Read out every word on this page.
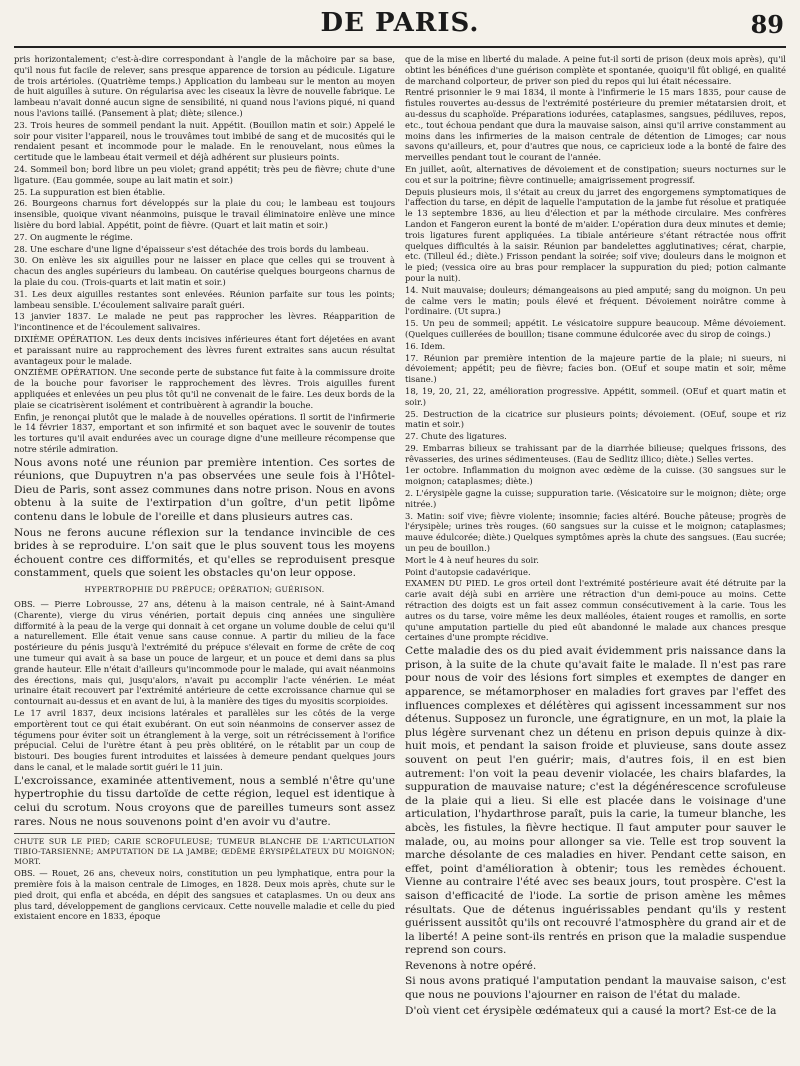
DE PARIS.	89

pris horizontalement; c'est-à-dire correspondant à l'angle de la mâchoire par sa base, qu'il nous fut facile de relever, sans presque apparence de torsion au pédicule. Ligature de trois artérioles. (Quatrième temps.) Application du lambeau sur le menton au moyen de huit aiguilles à suture. On régularisa avec les ciseaux la lèvre de nouvelle fabrique. Le lambeau n'avait donné aucun signe de sensibilité, ni quand nous l'avions piqué, ni quand nous l'avions taillé. (Pansement à plat; diète; silence.)

23. Trois heures de sommeil pendant la nuit. Appétit. (Bouillon matin et soir.) Appelé le soir pour visiter l'appareil, nous le trouvâmes tout imbibé de sang et de mucosités qui le rendaient pesant et incommode pour le malade. En le renouvelant, nous eûmes la certitude que le lambeau était vermeil et déjà adhérent sur plusieurs points.

24. Sommeil bon; bord libre un peu violet; grand appétit; très peu de fièvre; chute d'une ligature. (Eau gommée, soupe au lait matin et soir.)

25. La suppuration est bien établie.

26. Bourgeons charnus fort développés sur la plaie du cou; le lambeau est toujours insensible, quoique vivant néanmoins, puisque le travail éliminatoire enlève une mince lisière du bord labial. Appétit, point de fièvre. (Quart et lait matin et soir.)

27. On augmente le régime.

28. Une eschare d'une ligne d'épaisseur s'est détachée des trois bords du lambeau.

30. On enlève les six aiguilles pour ne laisser en place que celles qui se trouvent à chacun des angles supérieurs du lambeau. On cautérise quelques bourgeons charnus de la plaie du cou. (Trois-quarts et lait matin et soir.)

31. Les deux aiguilles restantes sont enlevées. Réunion parfaite sur tous les points; lambeau sensible. L'écoulement salivaire paraît guéri.

13 janvier 1837. Le malade ne peut pas rapprocher les lèvres. Réapparition de l'incontinence et de l'écoulement salivaires.

DIXIÈME OPÉRATION. Les deux dents incisives inférieures étant fort déjetées en avant et paraissant nuire au rapprochement des lèvres furent extraites sans aucun résultat avantageux pour le malade.

ONZIÈME OPÉRATION. Une seconde perte de substance fut faite à la commissure droite de la bouche pour favoriser le rapprochement des lèvres. Trois aiguilles furent appliquées et enlevées un peu plus tôt qu'il ne convenait de le faire. Les deux bords de la plaie se cicatrisèrent isolément et contribuèrent à agrandir la bouche.

Enfin, je renonçai plutôt que le malade à de nouvelles opérations. Il sortit de l'infirmerie le 14 février 1837, emportant et son infirmité et son baquet avec le souvenir de toutes les tortures qu'il avait endurées avec un courage digne d'une meilleure récompense que notre stérile admiration.

Nous avons noté une réunion par première intention. Ces sortes de réunions, que Dupuytren n'a pas observées une seule fois à l'Hôtel-Dieu de Paris, sont assez communes dans notre prison. Nous en avons obtenu à la suite de l'extirpation d'un goître, d'un petit lipôme contenu dans le lobule de l'oreille et dans plusieurs autres cas.

Nous ne ferons aucune réflexion sur la tendance invincible de ces brides à se reproduire. L'on sait que le plus souvent tous les moyens échouent contre ces difformités, et qu'elles se reproduisent presque constamment, quels que soient les obstacles qu'on leur oppose.

HYPERTROPHIE DU PRÉPUCE; OPÉRATION; GUÉRISON.

OBS. — Pierre Lobrousse, 27 ans, détenu à la maison centrale, né à Saint-Amand (Charente), vierge du virus vénérien, portait depuis cinq années une singulière difformité à la peau de la verge qui donnait à cet organe un volume double de celui qu'il a naturellement. Elle était venue sans cause connue. A partir du milieu de la face postérieure du pénis jusqu'à l'extrémité du prépuce s'élevait en forme de crête de coq une tumeur qui avait à sa base un pouce de largeur, et un pouce et demi dans sa plus grande hauteur. Elle n'était d'ailleurs qu'incommode pour le malade, qui avait néanmoins des érections, mais qui, jusqu'alors, n'avait pu accomplir l'acte vénérien. Le méat urinaire était recouvert par l'extrémité antérieure de cette excroissance charnue qui se contournait au-dessus et en avant de lui, à la manière des tiges du myositis scorpioides.

Le 17 avril 1837, deux incisions latérales et parallèles sur les côtés de la verge emportèrent tout ce qui était exubérant. On eut soin néanmoins de conserver assez de tégumens pour éviter soit un étranglement à la verge, soit un rétrécissement à l'orifice prépucial. Celui de l'urètre étant à peu près oblitéré, on le rétablit par un coup de bistouri. Des bougies furent introduites et laissées à demeure pendant quelques jours dans le canal, et le malade sortit guéri le 11 juin.

L'excroissance, examinée attentivement, nous a semblé n'être qu'une hypertrophie du tissu dartoïde de cette région, lequel est identique à celui du scrotum. Nous croyons que de pareilles tumeurs sont assez rares. Nous ne nous souvenons point d'en avoir vu d'autre.

CHUTE SUR LE PIED; CARIE SCROFULEUSE; TUMEUR BLANCHE DE L'ARTICULATION TIBIO-TARSIENNE; AMPUTATION DE LA JAMBE; ŒDÈME ÉRYSIPÉLATEUX DU MOIGNON; MORT.

OBS. — Rouet, 26 ans, cheveux noirs, constitution un peu lymphatique, entra pour la première fois à la maison centrale de Limoges, en 1828. Deux mois après, chute sur le pied droit, qui enfla et abcéda, en dépit des sangsues et cataplasmes. Un ou deux ans plus tard, développement de ganglions cervicaux. Cette nouvelle maladie et celle du pied existaient encore en 1833, époque

que de la mise en liberté du malade. A peine fut-il sorti de prison (deux mois après), qu'il obtint les bénéfices d'une guérison complète et spontanée, quoiqu'il fût obligé, en qualité de marchand colporteur, de priver son pied du repos qui lui était nécessaire.

Rentré prisonnier le 9 mai 1834, il monte à l'infirmerie le 15 mars 1835, pour cause de fistules rouvertes au-dessus de l'extrémité postérieure du premier métatarsien droit, et au-dessus du scaphoïde. Préparations iodurées, cataplasmes, sangsues, pédiluves, repos, etc., tout échoua pendant que dura la mauvaise saison, ainsi qu'il arrive constamment au moins dans les infirmeries de la maison centrale de détention de Limoges; car nous savons qu'ailleurs, et, pour d'autres que nous, ce capricieux iode a la bonté de faire des merveilles pendant tout le courant de l'année.

En juillet, août, alternatives de dévoiement et de constipation; sueurs nocturnes sur le cou et sur la poitrine; fièvre continuelle; amaigrissement progressif.

Depuis plusieurs mois, il s'était au creux du jarret des engorgemens symptomatiques de l'affection du tarse, en dépit de laquelle l'amputation de la jambe fut résolue et pratiquée le 13 septembre 1836, au lieu d'élection et par la méthode circulaire. Mes confrères Landon et Fangeron eurent la bonté de m'aider. L'opération dura deux minutes et demie; trois ligatures furent appliquées. La tibiale antérieure s'étant rétractée nous offrit quelques difficultés à la saisir. Réunion par bandelettes agglutinatives; cérat, charpie, etc. (Tilleul éd.; diète.) Frisson pendant la soirée; soif vive; douleurs dans le moignon et le pied; (vessica oire au bras pour remplacer la suppuration du pied; potion calmante pour la nuit).

14. Nuit mauvaise; douleurs; démangeaisons au pied amputé; sang du moignon. Un peu de calme vers le matin; pouls élevé et fréquent. Dévoiement noirâtre comme à l'ordinaire. (Ut supra.)

15. Un peu de sommeil; appétit. Le vésicatoire suppure beaucoup. Même dévoiement. (Quelques cuillerées de bouillon; tisane commune édulcorée avec du sirop de coings.)

16. Idem.

17. Réunion par première intention de la majeure partie de la plaie; ni sueurs, ni dévoiement; appétit; peu de fièvre; facies bon. (OEuf et soupe matin et soir, même tisane.)

18, 19, 20, 21, 22, amélioration progressive. Appétit, sommeil. (OEuf et quart matin et soir.)

25. Destruction de la cicatrice sur plusieurs points; dévoiement. (OEuf, soupe et riz matin et soir.)

27. Chute des ligatures.

29. Embarras bilieux se trahissant par de la diarrhée bilieuse; quelques frissons, des rêvasseries, des urines sédimenteuses. (Eau de Sedlitz illico; diète.) Selles vertes.

1er octobre. Inflammation du moignon avec œdème de la cuisse. (30 sangsues sur le moignon; cataplasmes; diète.)

2. L'érysipèle gagne la cuisse; suppuration tarie. (Vésicatoire sur le moignon; diète; orge nitrée.)

3. Matin: soif vive; fièvre violente; insomnie; facies altéré. Bouche pâteuse; progrès de l'érysipèle; urines très rouges. (60 sangsues sur la cuisse et le moignon; cataplasmes; mauve édulcorée; diète.) Quelques symptômes après la chute des sangsues. (Eau sucrée; un peu de bouillon.)

Mort le 4 à neuf heures du soir.

Point d'autopsie cadavérique.

EXAMEN DU PIED. Le gros orteil dont l'extrémité postérieure avait été détruite par la carie avait déjà subi en arrière une rétraction d'un demi-pouce au moins. Cette rétraction des doigts est un fait assez commun consécutivement à la carie. Tous les autres os du tarse, voire même les deux malléoles, étaient rouges et ramollis, en sorte qu'une amputation partielle du pied eût abandonné le malade aux chances presque certaines d'une prompte récidive.

Cette maladie des os du pied avait évidemment pris naissance dans la prison, à la suite de la chute qu'avait faite le malade. Il n'est pas rare pour nous de voir des lésions fort simples et exemptes de danger en apparence, se métamorphoser en maladies fort graves par l'effet des influences complexes et délétères qui agissent incessamment sur nos détenus. Supposez un furoncle, une égratignure, en un mot, la plaie la plus légère survenant chez un détenu en prison depuis quinze à dix-huit mois, et pendant la saison froide et pluvieuse, sans doute assez souvent on peut l'en guérir; mais, d'autres fois, il en est bien autrement: l'on voit la peau devenir violacée, les chairs blafardes, la suppuration de mauvaise nature; c'est la dégénérescence scrofuleuse de la plaie qui a lieu. Si elle est placée dans le voisinage d'une articulation, l'hydarthrose paraît, puis la carie, la tumeur blanche, les abcès, les fistules, la fièvre hectique. Il faut amputer pour sauver le malade, ou, au moins pour allonger sa vie. Telle est trop souvent la marche désolante de ces maladies en hiver. Pendant cette saison, en effet, point d'amélioration à obtenir; tous les remèdes échouent. Vienne au contraire l'été avec ses beaux jours, tout prospère. C'est la saison d'efficacité de l'iode. La sortie de prison amène les mêmes résultats. Que de détenus inguérissables pendant qu'ils y restent guérissent aussitôt qu'ils ont recouvré l'atmosphère du grand air et de la liberté! A peine sont-ils rentrés en prison que la maladie suspendue reprend son cours.

Revenons à notre opéré.

Si nous avons pratiqué l'amputation pendant la mauvaise saison, c'est que nous ne pouvions l'ajourner en raison de l'état du malade.

D'où vient cet érysipèle œdémateux qui a causé la mort? Est-ce de la
